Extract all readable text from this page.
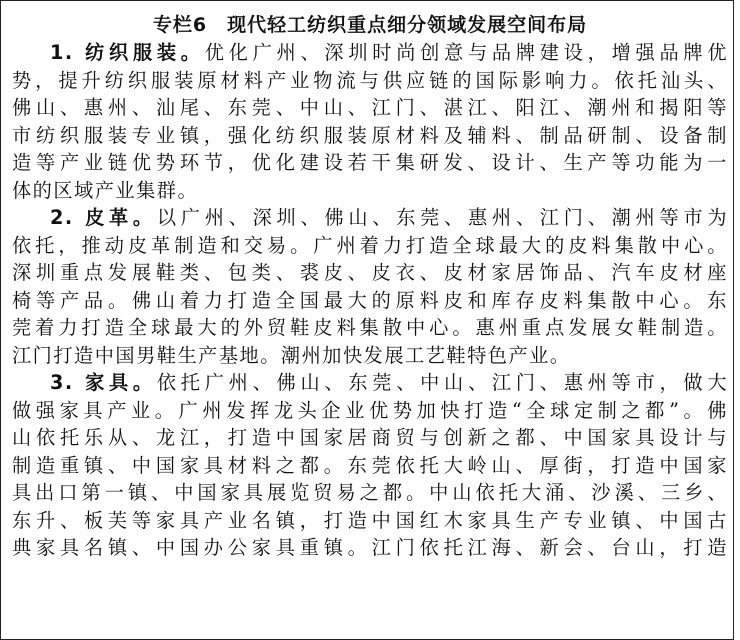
专栏6 现代轻工纺织重点细分领域发展空间布局
1. 纺织服装。优化广州、深圳时尚创意与品牌建设，增强品牌优
势，提升纺织服装原材料产业物流与供应链的国际影响力。依托汕头、
佛山、惠州、汕尾、东莞、中山、江门、湛江、阳江、潮州和揭阳等
市纺织服装专业镇，强化纺织服装原材料及辅料、制品研制、设备制
造等产业链优势环节，优化建设若干集研发、设计、生产等功能为一
体的区域产业集群。
2. 皮革。以广州、深圳、佛山、东莞、惠州、江门、潮州等市为
依托，推动皮革制造和交易。广州着力打造全球最大的皮料集散中心。
深圳重点发展鞋类、包类、裘皮、皮衣、皮材家居饰品、汽车皮材座
椅等产品。佛山着力打造全国最大的原料皮和库存皮料集散中心。东
莞着力打造全球最大的外贸鞋皮料集散中心。惠州重点发展女鞋制造。
江门打造中国男鞋生产基地。潮州加快发展工艺鞋特色产业。
3. 家具。依托广州、佛山、东莞、中山、江门、惠州等市，做大
做强家具产业。广州发挥龙头企业优势加快打造“全球定制之都”。佛
山依托乐从、龙江，打造中国家居商贸与创新之都、中国家具设计与
制造重镇、中国家具材料之都。东莞依托大岭山、厚街，打造中国家
具出口第一镇、中国家具展览贸易之都。中山依托大涌、沙溪、三乡、
东升、板芙等家具产业名镇，打造中国红木家具生产专业镇、中国古
典家具名镇、中国办公家具重镇。江门依托江海、新会、台山，打造
